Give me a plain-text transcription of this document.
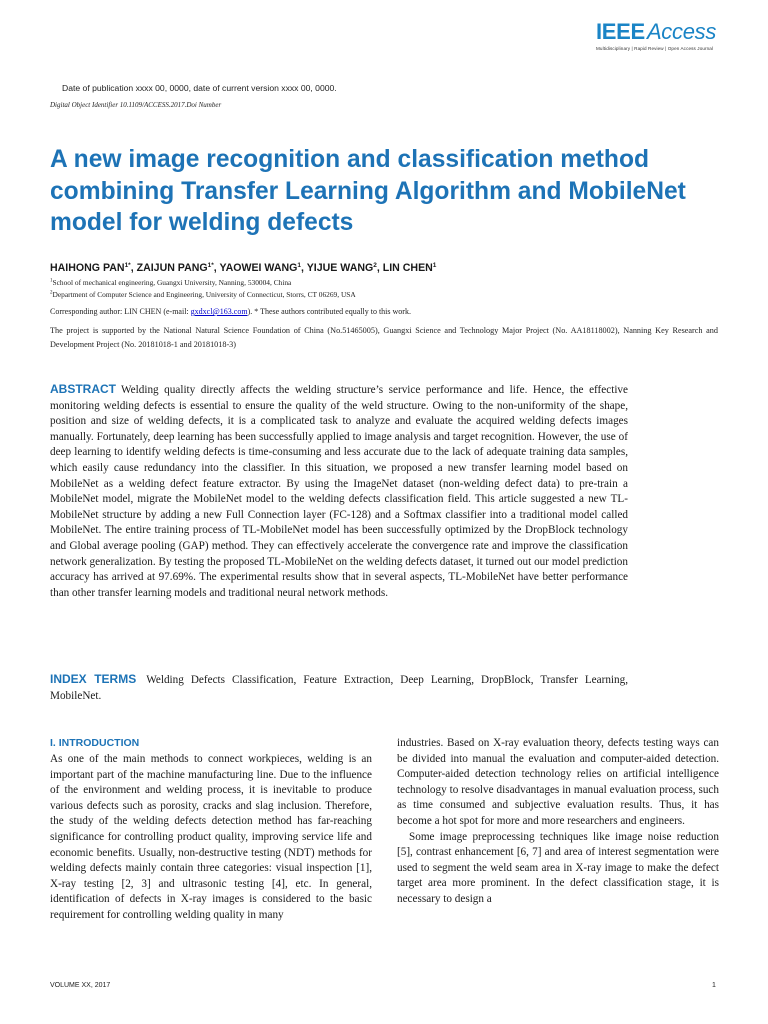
IEEEAccess
Multidisciplinary | Rapid Review | Open Access Journal
Date of publication xxxx 00, 0000, date of current version xxxx 00, 0000.
Digital Object Identifier 10.1109/ACCESS.2017.Doi Number
A new image recognition and classification method combining Transfer Learning Algorithm and MobileNet model for welding defects
HAIHONG $PAN^{1*}$, ZAIJUN $PANG^{1*}$, YAOWEI WANG$^1$, YIJUE WANG$^2$, LIN CHEN$^1$
$^1$School of mechanical engineering, Guangxi University, Nanning, 530004, China
$^2$Department of Computer Science and Engineering, University of Connecticut, Storrs, CT 06269, USA
Corresponding author: LIN CHEN (e-mail: gxdxcl@163.com). * These authors contributed equally to this work.
The project is supported by the National Natural Science Foundation of China (No.51465005), Guangxi Science and Technology Major Project (No. AA18118002), Nanning Key Research and Development Project (No. 20181018-1 and 20181018-3)
ABSTRACT Welding quality directly affects the welding structure’s service performance and life. Hence, the effective monitoring welding defects is essential to ensure the quality of the weld structure. Owing to the non-uniformity of the shape, position and size of welding defects, it is a complicated task to analyze and evaluate the acquired welding defects images manually. Fortunately, deep learning has been successfully applied to image analysis and target recognition. However, the use of deep learning to identify welding defects is time-consuming and less accurate due to the lack of adequate training data samples, which easily cause redundancy into the classifier. In this situation, we proposed a new transfer learning model based on MobileNet as a welding defect feature extractor. By using the ImageNet dataset (non-welding defect data) to pre-train a MobileNet model, migrate the MobileNet model to the welding defects classification field. This article suggested a new TL-MobileNet structure by adding a new Full Connection layer (FC-128) and a Softmax classifier into a traditional model called MobileNet. The entire training process of TL-MobileNet model has been successfully optimized by the DropBlock technology and Global average pooling (GAP) method. They can effectively accelerate the convergence rate and improve the classification network generalization. By testing the proposed TL-MobileNet on the welding defects dataset, it turned out our model prediction accuracy has arrived at 97.69%. The experimental results show that in several aspects, TL-MobileNet have better performance than other transfer learning models and traditional neural network methods.
INDEX TERMS Welding Defects Classification, Feature Extraction, Deep Learning, DropBlock, Transfer Learning, MobileNet.
I. INTRODUCTION

As one of the main methods to connect workpieces, welding is an important part of the machine manufacturing line. Due to the influence of the environment and welding process, it is inevitable to produce various defects such as porosity, cracks and slag inclusion. Therefore, the study of the welding defects detection method has far-reaching significance for controlling product quality, improving service life and economic benefits. Usually, non-destructive testing (NDT) methods for welding defects mainly contain three categories: visual inspection [1], X-ray testing [2, 3] and ultrasonic testing [4], etc. In general, identification of defects in X-ray images is considered to the basic requirement for controlling welding quality in many

industries. Based on X-ray evaluation theory, defects testing ways can be divided into manual the evaluation and computer-aided detection. Computer-aided detection technology relies on artificial intelligence technology to resolve disadvantages in manual evaluation process, such as time consumed and subjective evaluation results. Thus, it has become a hot spot for more and more researchers and engineers.

Some image preprocessing techniques like image noise reduction [5], contrast enhancement [6, 7] and area of interest segmentation were used to segment the weld seam area in X-ray image to make the defect target area more prominent. In the defect classification stage, it is necessary to design a

VOLUME XX, 2017	1
